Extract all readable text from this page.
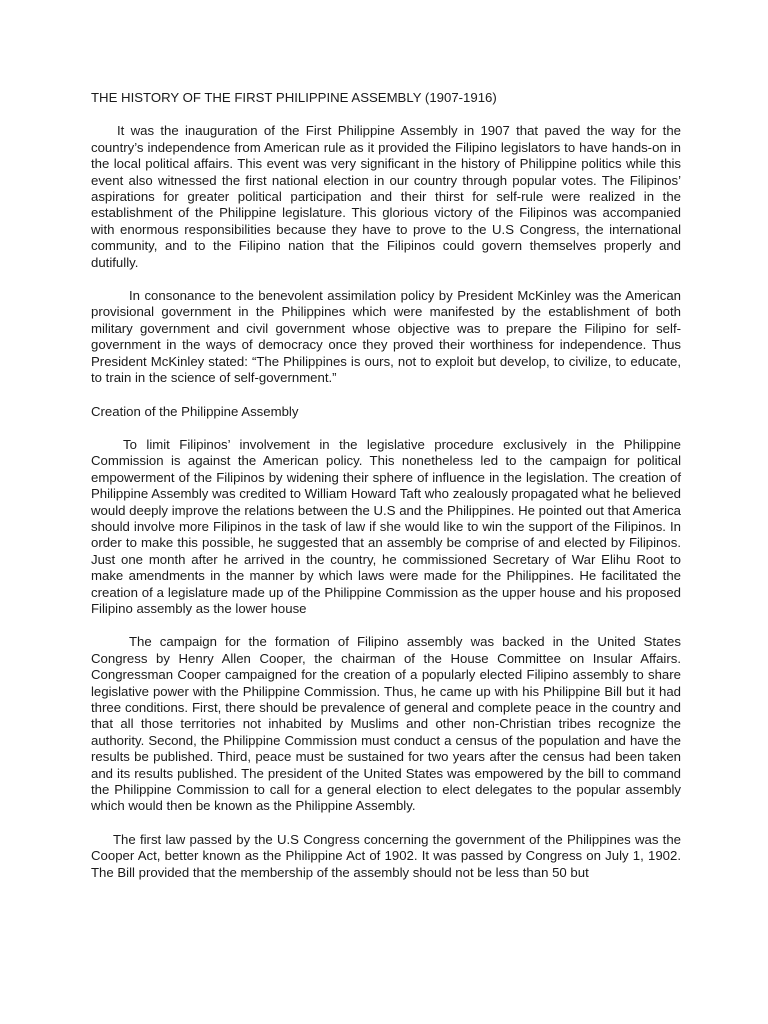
THE HISTORY OF THE FIRST PHILIPPINE ASSEMBLY (1907-1916)

It was the inauguration of the First Philippine Assembly in 1907 that paved the way for the country’s independence from American rule as it provided the Filipino legislators to have hands-on in the local political affairs. This event was very significant in the history of Philippine politics while this event also witnessed the first national election in our country through popular votes. The Filipinos’ aspirations for greater political participation and their thirst for self-rule were realized in the establishment of the Philippine legislature. This glorious victory of the Filipinos was accompanied with enormous responsibilities because they have to prove to the U.S Congress, the international community, and to the Filipino nation that the Filipinos could govern themselves properly and dutifully.

In consonance to the benevolent assimilation policy by President McKinley was the American provisional government in the Philippines which were manifested by the establishment of both military government and civil government whose objective was to prepare the Filipino for self-government in the ways of democracy once they proved their worthiness for independence. Thus President McKinley stated: “The Philippines is ours, not to exploit but develop, to civilize, to educate, to train in the science of self-government.”

Creation of the Philippine Assembly

To limit Filipinos’ involvement in the legislative procedure exclusively in the Philippine Commission is against the American policy. This nonetheless led to the campaign for political empowerment of the Filipinos by widening their sphere of influence in the legislation. The creation of Philippine Assembly was credited to William Howard Taft who zealously propagated what he believed would deeply improve the relations between the U.S and the Philippines. He pointed out that America should involve more Filipinos in the task of law if she would like to win the support of the Filipinos. In order to make this possible, he suggested that an assembly be comprise of and elected by Filipinos. Just one month after he arrived in the country, he commissioned Secretary of War Elihu Root to make amendments in the manner by which laws were made for the Philippines. He facilitated the creation of a legislature made up of the Philippine Commission as the upper house and his proposed Filipino assembly as the lower house

The campaign for the formation of Filipino assembly was backed in the United States Congress by Henry Allen Cooper, the chairman of the House Committee on Insular Affairs. Congressman Cooper campaigned for the creation of a popularly elected Filipino assembly to share legislative power with the Philippine Commission. Thus, he came up with his Philippine Bill but it had three conditions. First, there should be prevalence of general and complete peace in the country and that all those territories not inhabited by Muslims and other non-Christian tribes recognize the authority. Second, the Philippine Commission must conduct a census of the population and have the results be published. Third, peace must be sustained for two years after the census had been taken and its results published. The president of the United States was empowered by the bill to command the Philippine Commission to call for a general election to elect delegates to the popular assembly which would then be known as the Philippine Assembly.

The first law passed by the U.S Congress concerning the government of the Philippines was the Cooper Act, better known as the Philippine Act of 1902. It was passed by Congress on July 1, 1902. The Bill provided that the membership of the assembly should not be less than 50 but
